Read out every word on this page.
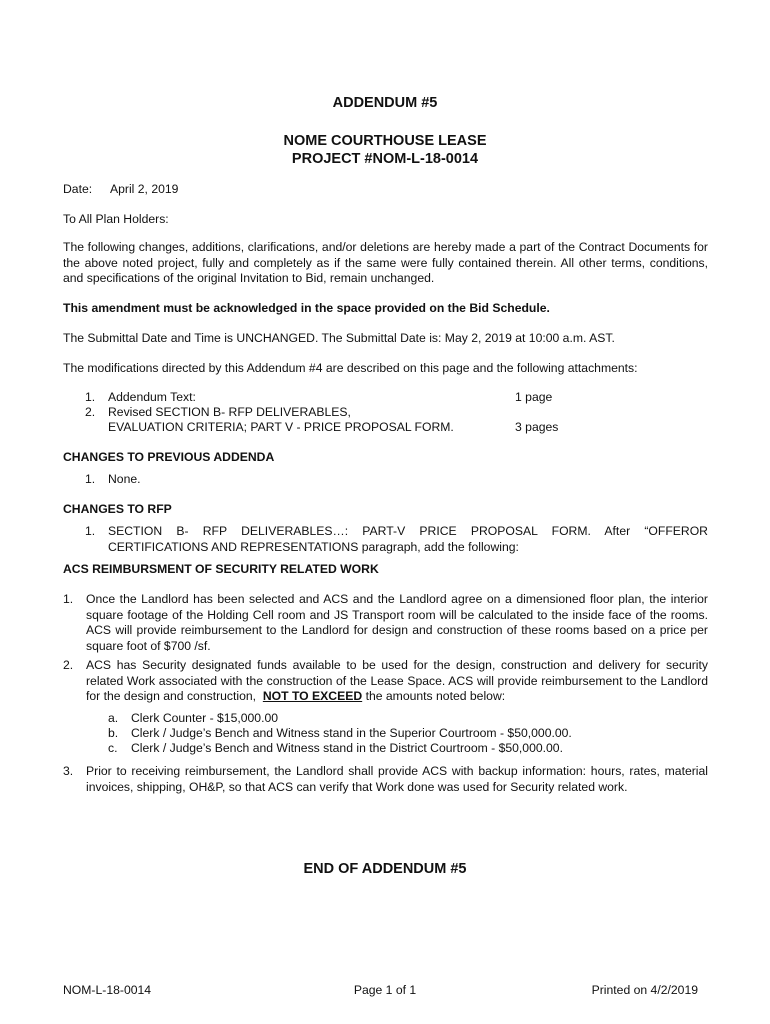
ADDENDUM #5
NOME COURTHOUSE LEASE
PROJECT #NOM-L-18-0014
Date: April 2, 2019
To All Plan Holders:
The following changes, additions, clarifications, and/or deletions are hereby made a part of the Contract Documents for the above noted project, fully and completely as if the same were fully contained therein. All other terms, conditions, and specifications of the original Invitation to Bid, remain unchanged.
This amendment must be acknowledged in the space provided on the Bid Schedule.
The Submittal Date and Time is UNCHANGED. The Submittal Date is: May 2, 2019 at 10:00 a.m. AST.
The modifications directed by this Addendum #4 are described on this page and the following attachments:
1. Addendum Text:	1 page
2. Revised SECTION B- RFP DELIVERABLES,
EVALUATION CRITERIA; PART V - PRICE PROPOSAL FORM.	3 pages
CHANGES TO PREVIOUS ADDENDA
1. None.
CHANGES TO RFP
1. SECTION B- RFP DELIVERABLES…: PART-V PRICE PROPOSAL FORM. After “OFFEROR CERTIFICATIONS AND REPRESENTATIONS paragraph, add the following:
ACS REIMBURSMENT OF SECURITY RELATED WORK
1. Once the Landlord has been selected and ACS and the Landlord agree on a dimensioned floor plan, the interior square footage of the Holding Cell room and JS Transport room will be calculated to the inside face of the rooms. ACS will provide reimbursement to the Landlord for design and construction of these rooms based on a price per square foot of $700 /sf.
2. ACS has Security designated funds available to be used for the design, construction and delivery for security related Work associated with the construction of the Lease Space. ACS will provide reimbursement to the Landlord for the design and construction, NOT TO EXCEED the amounts noted below:
a. Clerk Counter - $15,000.00
b. Clerk / Judge’s Bench and Witness stand in the Superior Courtroom - $50,000.00.
c. Clerk / Judge’s Bench and Witness stand in the District Courtroom - $50,000.00.
3. Prior to receiving reimbursement, the Landlord shall provide ACS with backup information: hours, rates, material invoices, shipping, OH&P, so that ACS can verify that Work done was used for Security related work.
END OF ADDENDUM #5
NOM-L-18-0014	Page 1 of 1	Printed on 4/2/2019
